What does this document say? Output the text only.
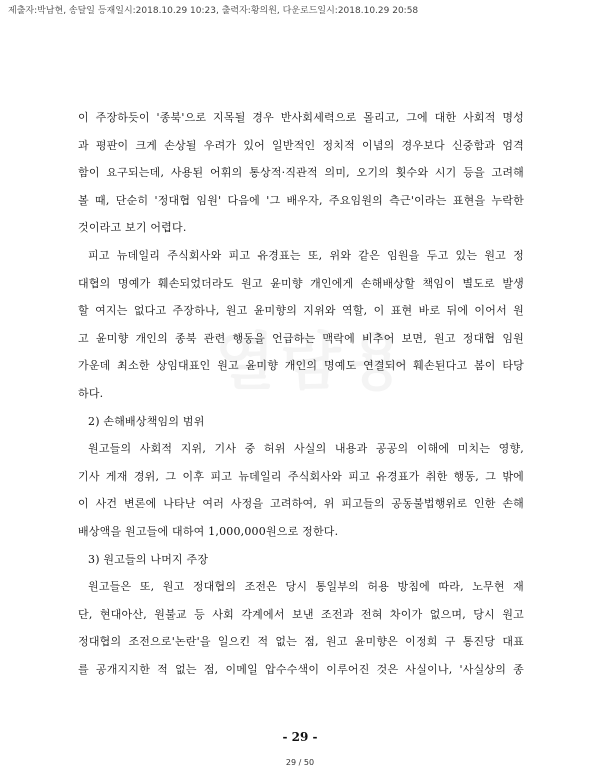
제출자:박남현, 송달일 등재일시:2018.10.29 10:23, 출력자:황의원, 다운로드일시:2018.10.29 20:58
이 주장하듯이 '종북'으로 지목될 경우 반사회세력으로 몰리고, 그에 대한 사회적 명성
과 평판이 크게 손상될 우려가 있어 일반적인 정치적 이념의 경우보다 신중함과 엄격
함이 요구되는데, 사용된 어휘의 통상적·직관적 의미, 오기의 횟수와 시기 등을 고려해
볼 때, 단순히 '정대협 임원' 다음에 '그 배우자, 주요임원의 측근'이라는 표현을 누락한
것이라고 보기 어렵다.
피고 뉴데일리 주식회사와 피고 유경표는 또, 위와 같은 임원을 두고 있는 원고 정
대협의 명예가 훼손되었더라도 원고 윤미향 개인에게 손해배상할 책임이 별도로 발생
할 여지는 없다고 주장하나, 원고 윤미향의 지위와 역할, 이 표현 바로 뒤에 이어서 원
고 윤미향 개인의 종북 관련 행동을 언급하는 맥락에 비추어 보면, 원고 정대협 임원
가운데 최소한 상임대표인 원고 윤미향 개인의 명예도 연결되어 훼손된다고 봄이 타당
하다.
2) 손해배상책임의 범위
원고들의 사회적 지위, 기사 중 허위 사실의 내용과 공공의 이해에 미치는 영향,
기사 게재 경위, 그 이후 피고 뉴데일리 주식회사와 피고 유경표가 취한 행동, 그 밖에
이 사건 변론에 나타난 여러 사정을 고려하여, 위 피고들의 공동불법행위로 인한 손해
배상액을 원고들에 대하여 1,000,000원으로 정한다.
3) 원고들의 나머지 주장
원고들은 또, 원고 정대협의 조전은 당시 통일부의 허용 방침에 따라, 노무현 재
단, 현대아산, 원불교 등 사회 각계에서 보낸 조전과 전혀 차이가 없으며, 당시 원고
정대협의 조전으로'논란'을 일으킨 적 없는 점, 원고 윤미향은 이정희 구 통진당 대표
를 공개지지한 적 없는 점, 이메일 압수수색이 이루어진 것은 사실이나, '사실상의 종
- 29 -
29 / 50
